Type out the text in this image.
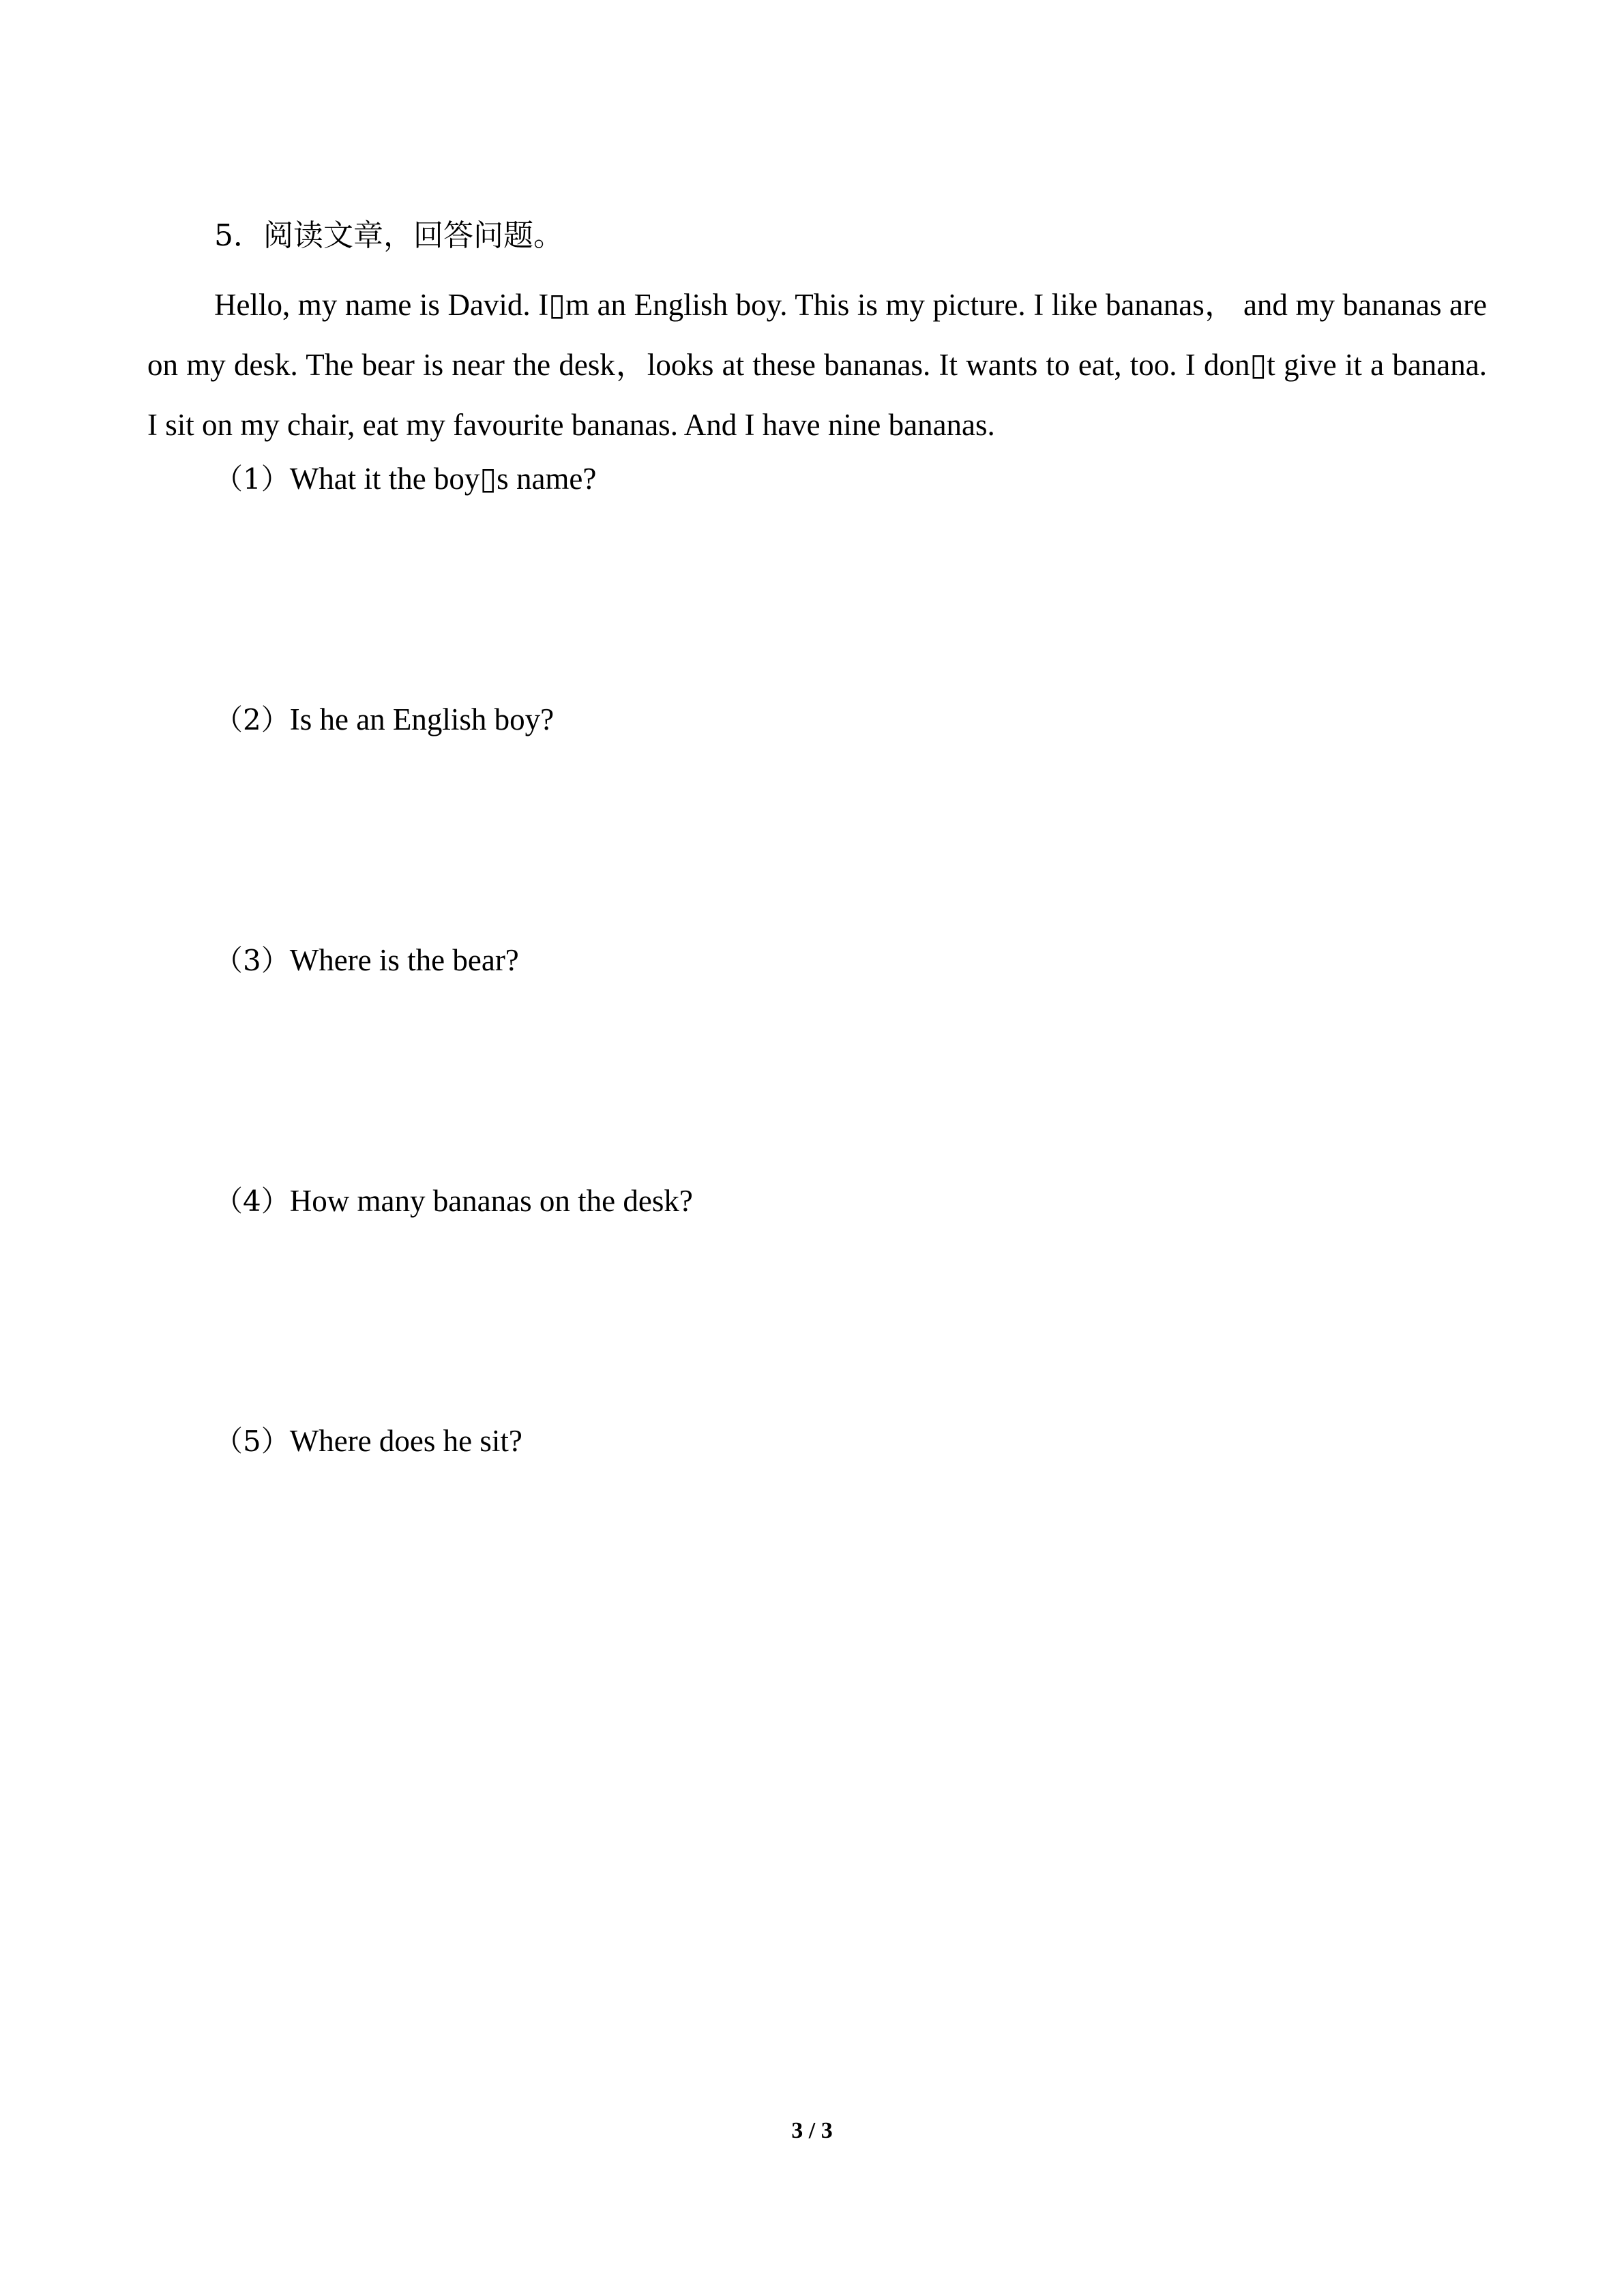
5．阅读文章，回答问题。
Hello, my name is David. I▯m an English boy. This is my picture. I like bananas， and my bananas are on my desk. The bear is near the desk，looks at these bananas. It wants to eat, too. I don▯t give it a banana. I sit on my chair, eat my favourite bananas. And I have nine bananas.
（1）What it the boy▯s name?
（2）Is he an English boy?
（3）Where is the bear?
（4）How many bananas on the desk?
（5）Where does he sit?
3 / 3
